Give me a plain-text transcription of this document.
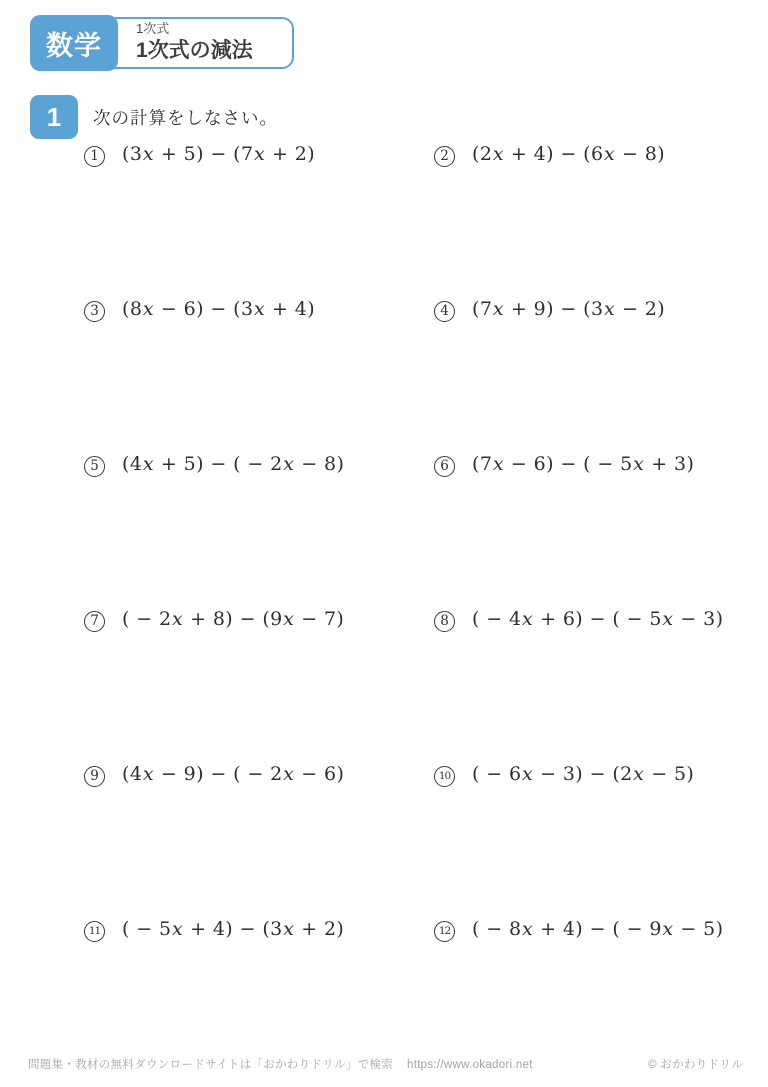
数学
1次式
1次式の減法
1 次の計算をしなさい。
1	(3x + 5) − (7x + 2)	2	(2x + 4) − (6x − 8)
3	(8x − 6) − (3x + 4)	4	(7x + 9) − (3x − 2)
5	(4x + 5) − ( − 2x − 8)	6	(7x − 6) − ( − 5x + 3)
7	( − 2x + 8) − (9x − 7)	8	( − 4x + 6) − ( − 5x − 3)
9	(4x − 9) − ( − 2x − 6)	10 ( − 6x − 3) − (2x − 5)
11 ( − 5x + 4) − (3x + 2)	12 ( − 8x + 4) − ( − 9x − 5)
問題集・教材の無料ダウンロードサイトは「おかわりドリル」で検索 https://www.okadori.net	© おかわりドリル
